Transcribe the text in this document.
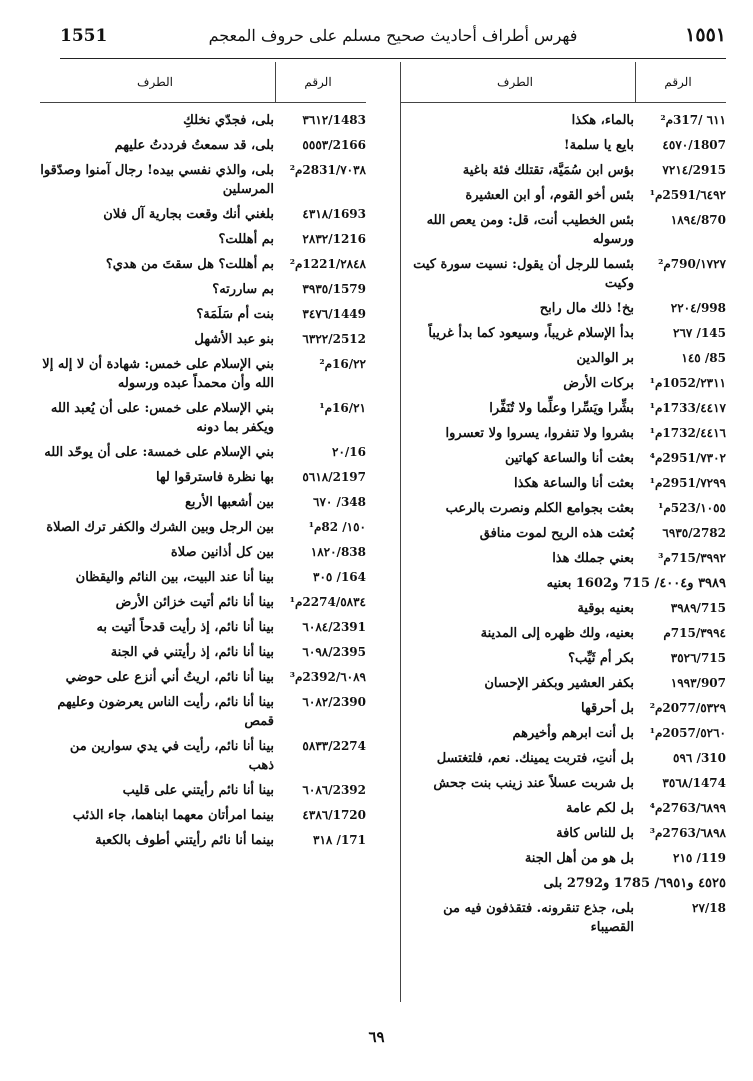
1551	فهرس أطراف أحاديث صحيح مسلم على حروف المعجم	١٥٥١
الرقم
الطرف
٦١١ /317م²
بالماء، هكذا
1807/٤٥٧٠
بايع يا سلمة!
2915/٧٢١٤
بؤس ابن سُمَيَّة، تقتلك فئة باغية
٦٤٩٢/2591م¹
بئس أخو القوم، أو ابن العشيرة
870/١٨٩٤
بئس الخطيب أنت، قل: ومن يعص الله ورسوله
١٧٢٧/790م²
بئسما للرجل أن يقول: نسيت سورة كيت وكيت
998/٢٢٠٤
بخ! ذلك مال رابح
145/ ٢٦٧
بدأ الإسلام غريباً، وسيعود كما بدأ غريباً
85/ ١٤٥
بر الوالدين
٢٣١١/1052م¹
بركات الأرض
٤٤١٧/1733م¹
بشِّرا ويَسِّرا وعلِّما ولا تُنَفِّرا
٤٤١٦/1732م¹
بشروا ولا تنفروا، يسروا ولا تعسروا
٧٣٠٢/2951م⁴
بعثت أنا والساعة كهاتين
٧٢٩٩/2951م¹
بعثت أنا والساعة هكذا
١٠٥٥/523م¹
بعثت بجوامع الكلم ونصرت بالرعب
2782/٦٩٣٥
بُعثت هذه الريح لموت منافق
٣٩٩٢/715م³
بعني جملك هذا
٣٩٨٩ و٤٠٠٤/ 715 و1602 بعنيه
715/٣٩٨٩
بعنيه بوقية
٣٩٩٤/715م
بعنيه، ولك ظهره إلى المدينة
715/٣٥٢٦
بكر أم ثَيِّب؟
907/١٩٩٣
بكفر العشير وبكفر الإحسان
٥٣٢٩/2077م²
بل أحرقها
٥٢٦٠/2057م¹
بل أنت ابرهم وأخيرهم
310/ ٥٩٦
بل أنتِ، فتربت يمينك. نعم، فلتغتسل
1474/٣٥٦٨
بل شربت عسلاً عند زينب بنت جحش
٦٨٩٩/2763م⁴
بل لكم عامة
٦٨٩٨/2763م³
بل للناس كافة
119/ ٢١٥
بل هو من أهل الجنة
٤٥٢٥ و٦٩٥١/ 1785 و2792 بلى
18/٢٧
بلى، جذع تنقرونه. فتقذفون فيه من القصيباء
الرقم
الطرف
1483/٣٦١٢
بلى، فجدّي نخلكِ
2166/٥٥٥٣
بلى، قد سمعتُ فرددتُ عليهم
٧٠٣٨/2831م²
بلى، والذي نفسي بيده! رجال آمنوا وصدّقوا المرسلين
1693/٤٣١٨
بلغني أنك وقعت بجارية آل فلان
1216/٢٨٣٢
بم أهللت؟
٢٨٤٨/1221م²
بم أهللت؟ هل سقتَ من هدي؟
1579/٣٩٣٥
بم ساررته؟
1449/٣٤٧٦
بنت أم سَلَمَة؟
2512/٦٣٢٢
بنو عبد الأشهل
٢٢/16م²
بني الإسلام على خمس: شهادة أن لا إله إلا الله وأن محمداً عبده ورسوله
٢١/16م¹
بني الإسلام على خمس: على أن يُعبد الله ويكفر بما دونه
16/٢٠
بني الإسلام على خمسة: على أن يوحّد الله
2197/٥٦١٨
بها نظرة فاسترقوا لها
348/ ٦٧٠
بين أشعبها الأربع
١٥٠/ 82م¹
بين الرجل وبين الشرك والكفر ترك الصلاة
838/١٨٢٠
بين كل أذانين صلاة
164/ ٣٠٥
بينا أنا عند البيت، بين النائم واليقظان
٥٨٣٤/2274م¹
بينا أنا نائم أتيت خزائن الأرض
2391/٦٠٨٤
بينا أنا نائم، إذ رأيت قدحاً أتيت به
2395/٦٠٩٨
بينا أنا نائم، إذ رأيتني في الجنة
٦٠٨٩/2392م³
بينا أنا نائم، اريتُ أني أنزع على حوضي
2390/٦٠٨٢
بينا أنا نائم، رأيت الناس يعرضون وعليهم قمص
2274/٥٨٣٣
بينا أنا نائم، رأيت في يدي سوارين من ذهب
2392/٦٠٨٦
بينا أنا نائم رأيتني على قليب
1720/٤٣٨٦
بينما امرأتان معهما ابناهما، جاء الذئب
171/ ٣١٨
بينما أنا نائم رأيتني أطوف بالكعبة
٦٩
